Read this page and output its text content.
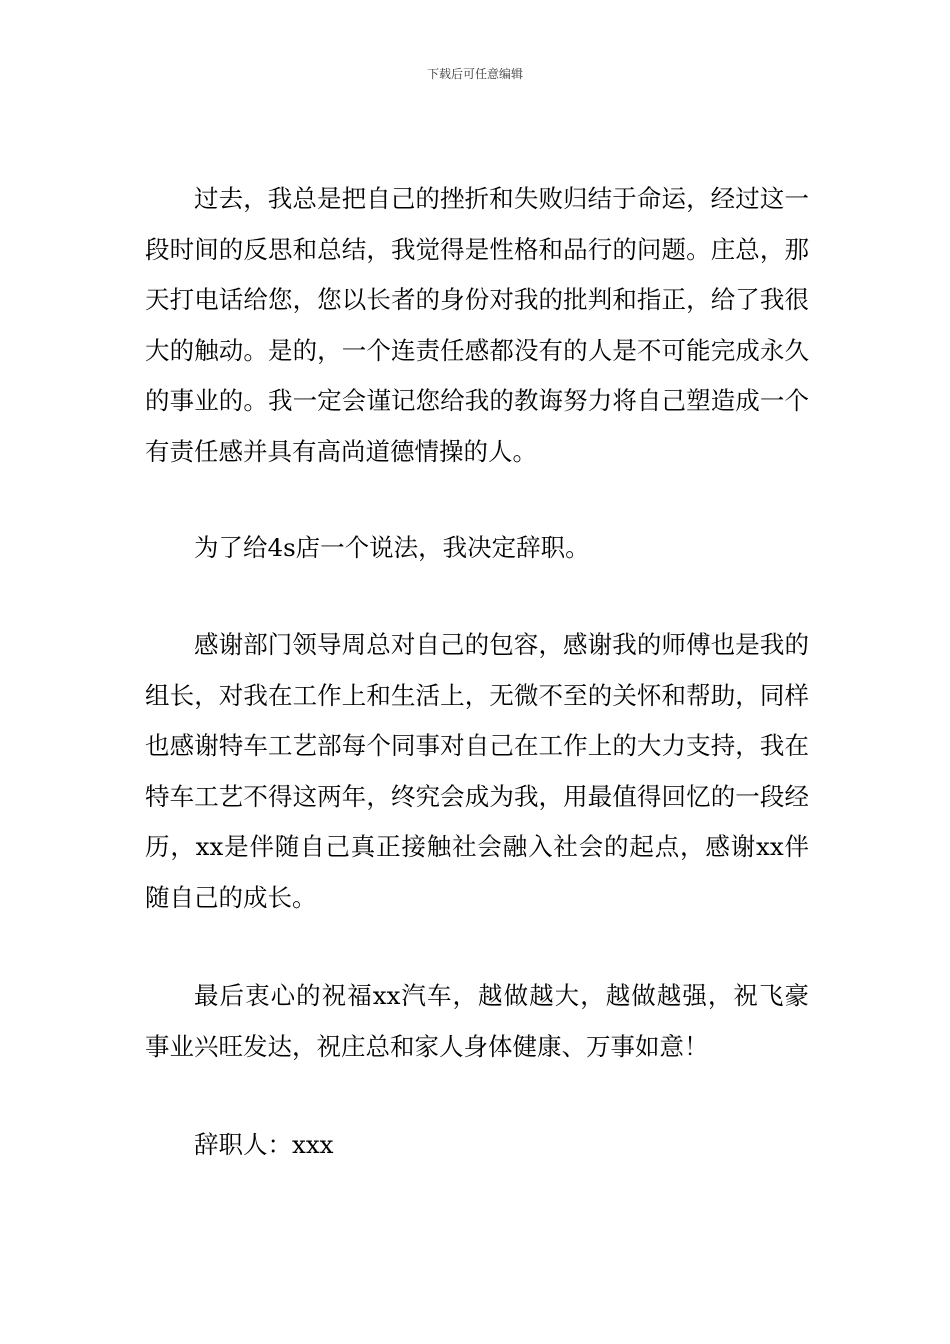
下载后可任意编辑

过去，我总是把自己的挫折和失败归结于命运，经过这一段时间的反思和总结，我觉得是性格和品行的问题。庄总，那天打电话给您，您以长者的身份对我的批判和指正，给了我很大的触动。是的，一个连责任感都没有的人是不可能完成永久的事业的。我一定会谨记您给我的教诲努力将自己塑造成一个有责任感并具有高尚道德情操的人。

为了给4s店一个说法，我决定辞职。

感谢部门领导周总对自己的包容，感谢我的师傅也是我的组长，对我在工作上和生活上，无微不至的关怀和帮助，同样也感谢特车工艺部每个同事对自己在工作上的大力支持，我在特车工艺不得这两年，终究会成为我，用最值得回忆的一段经历，xx是伴随自己真正接触社会融入社会的起点，感谢xx伴随自己的成长。

最后衷心的祝福xx汽车，越做越大，越做越强，祝飞豪事业兴旺发达，祝庄总和家人身体健康、万事如意！

辞职人：xxx
